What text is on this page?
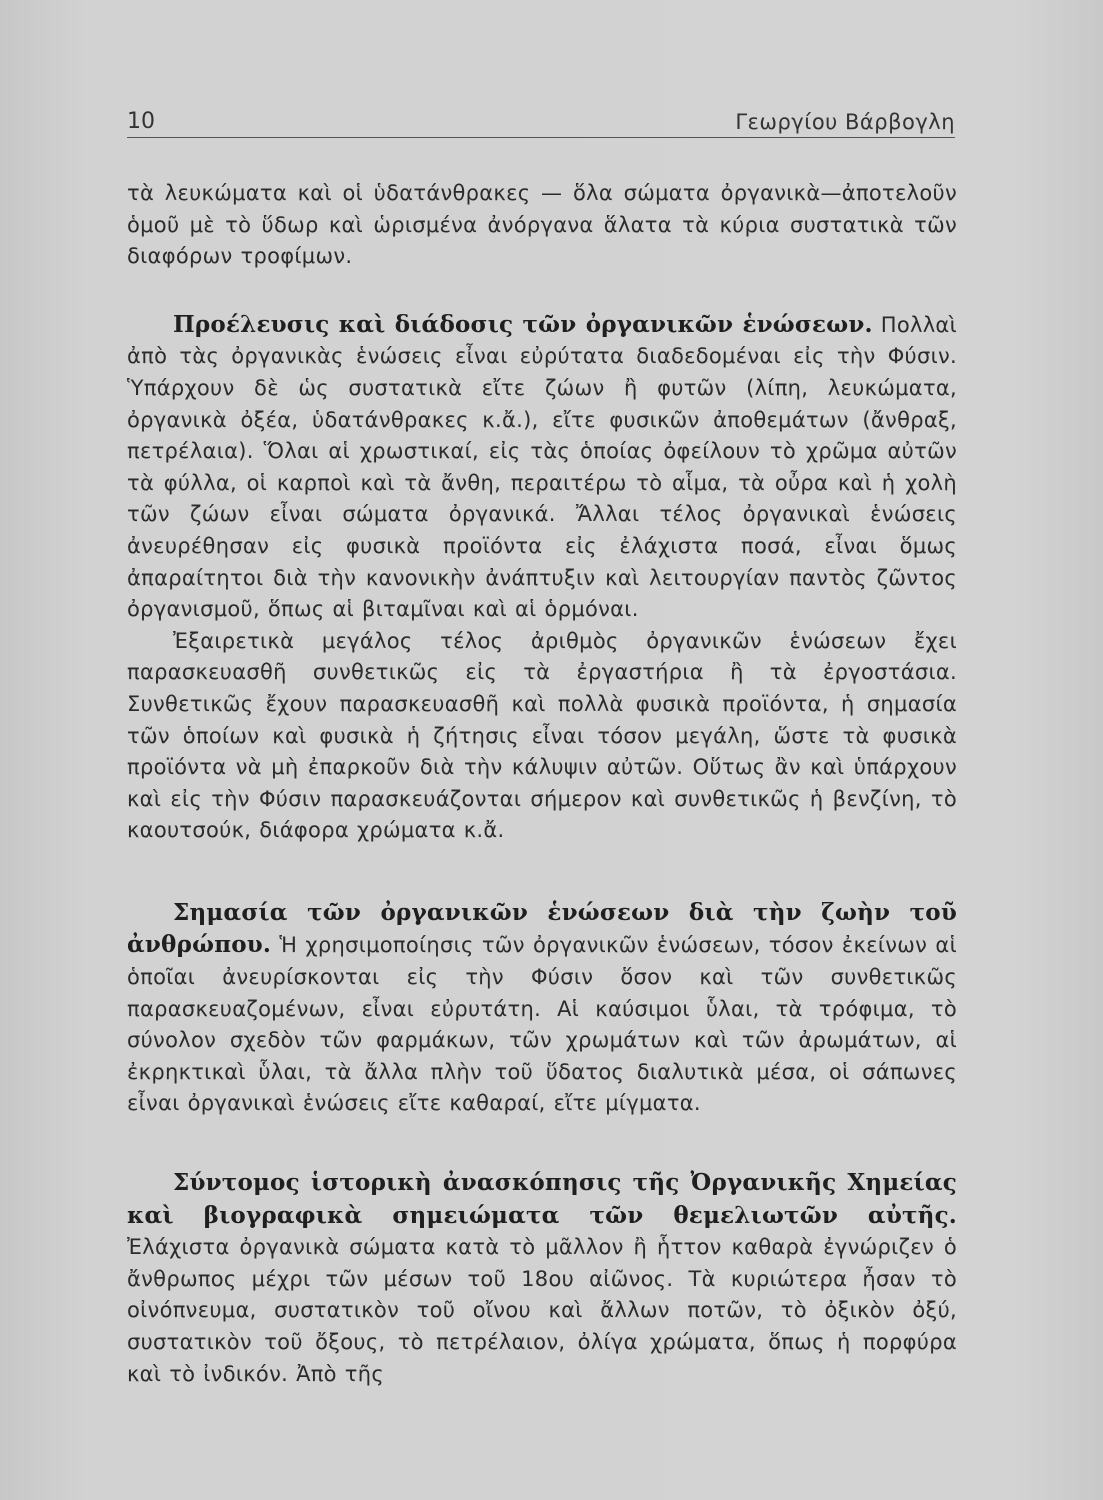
10	Γεωργίου Βάρβογλη

τὰ λευκώματα καὶ οἱ ὑδατάνθρακες — ὅλα σώματα ὀργανικὰ—ἀποτελοῦν ὁμοῦ μὲ τὸ ὕδωρ καὶ ὡρισμένα ἀνόργανα ἅλατα τὰ κύρια συστατικὰ τῶν διαφόρων τροφίμων.

Προέλευσις καὶ διάδοσις τῶν ὀργανικῶν ἑνώσεων. Πολλαὶ ἀπὸ τὰς ὀργανικὰς ἑνώσεις εἶναι εὐρύτατα διαδεδομέναι εἰς τὴν Φύσιν. Ὑπάρχουν δὲ ὡς συστατικὰ εἴτε ζώων ἢ φυτῶν (λίπη, λευκώματα, ὀργανικὰ ὀξέα, ὑδατάνθρακες κ.ἄ.), εἴτε φυσικῶν ἀποθεμάτων (ἄνθραξ, πετρέλαια). Ὅλαι αἱ χρωστικαί, εἰς τὰς ὁποίας ὀφείλουν τὸ χρῶμα αὐτῶν τὰ φύλλα, οἱ καρποὶ καὶ τὰ ἄνθη, περαιτέρω τὸ αἷμα, τὰ οὖρα καὶ ἡ χολὴ τῶν ζώων εἶναι σώματα ὀργανικά. Ἄλλαι τέλος ὀργανικαὶ ἑνώσεις ἀνευρέθησαν εἰς φυσικὰ προϊόντα εἰς ἐλάχιστα ποσά, εἶναι ὅμως ἀπαραίτητοι διὰ τὴν κανονικὴν ἀνάπτυξιν καὶ λειτουργίαν παντὸς ζῶντος ὀργανισμοῦ, ὅπως αἱ βιταμῖναι καὶ αἱ ὁρμόναι.

Ἐξαιρετικὰ μεγάλος τέλος ἀριθμὸς ὀργανικῶν ἑνώσεων ἔχει παρασκευασθῆ συνθετικῶς εἰς τὰ ἐργαστήρια ἢ τὰ ἐργοστάσια. Συνθετικῶς ἔχουν παρασκευασθῆ καὶ πολλὰ φυσικὰ προϊόντα, ἡ σημασία τῶν ὁποίων καὶ φυσικὰ ἡ ζήτησις εἶναι τόσον μεγάλη, ὥστε τὰ φυσικὰ προϊόντα νὰ μὴ ἐπαρκοῦν διὰ τὴν κάλυψιν αὐτῶν. Οὕτως ἂν καὶ ὑπάρχουν καὶ εἰς τὴν Φύσιν παρασκευάζονται σήμερον καὶ συνθετικῶς ἡ βενζίνη, τὸ καουτσούκ, διάφορα χρώματα κ.ἄ.

Σημασία τῶν ὀργανικῶν ἑνώσεων διὰ τὴν ζωὴν τοῦ ἀνθρώπου. Ἡ χρησιμοποίησις τῶν ὀργανικῶν ἑνώσεων, τόσον ἐκείνων αἱ ὁποῖαι ἀνευρίσκονται εἰς τὴν Φύσιν ὅσον καὶ τῶν συνθετικῶς παρασκευαζομένων, εἶναι εὐρυτάτη. Αἱ καύσιμοι ὗλαι, τὰ τρόφιμα, τὸ σύνολον σχεδὸν τῶν φαρμάκων, τῶν χρωμάτων καὶ τῶν ἀρωμάτων, αἱ ἐκρηκτικαὶ ὗλαι, τὰ ἄλλα πλὴν τοῦ ὕδατος διαλυτικὰ μέσα, οἱ σάπωνες εἶναι ὀργανικαὶ ἑνώσεις εἴτε καθαραί, εἴτε μίγματα.

Σύντομος ἱστορικὴ ἀνασκόπησις τῆς Ὀργανικῆς Χημείας καὶ βιογραφικὰ σημειώματα τῶν θεμελιωτῶν αὐτῆς. Ἐλάχιστα ὀργανικὰ σώματα κατὰ τὸ μᾶλλον ἢ ἧττον καθαρὰ ἐγνώριζεν ὁ ἄνθρωπος μέχρι τῶν μέσων τοῦ 18ου αἰῶνος. Τὰ κυριώτερα ἦσαν τὸ οἰνόπνευμα, συστατικὸν τοῦ οἴνου καὶ ἄλλων ποτῶν, τὸ ὀξικὸν ὀξύ, συστατικὸν τοῦ ὄξους, τὸ πετρέλαιον, ὀλίγα χρώματα, ὅπως ἡ πορφύρα καὶ τὸ ἰνδικόν. Ἀπὸ τῆς
